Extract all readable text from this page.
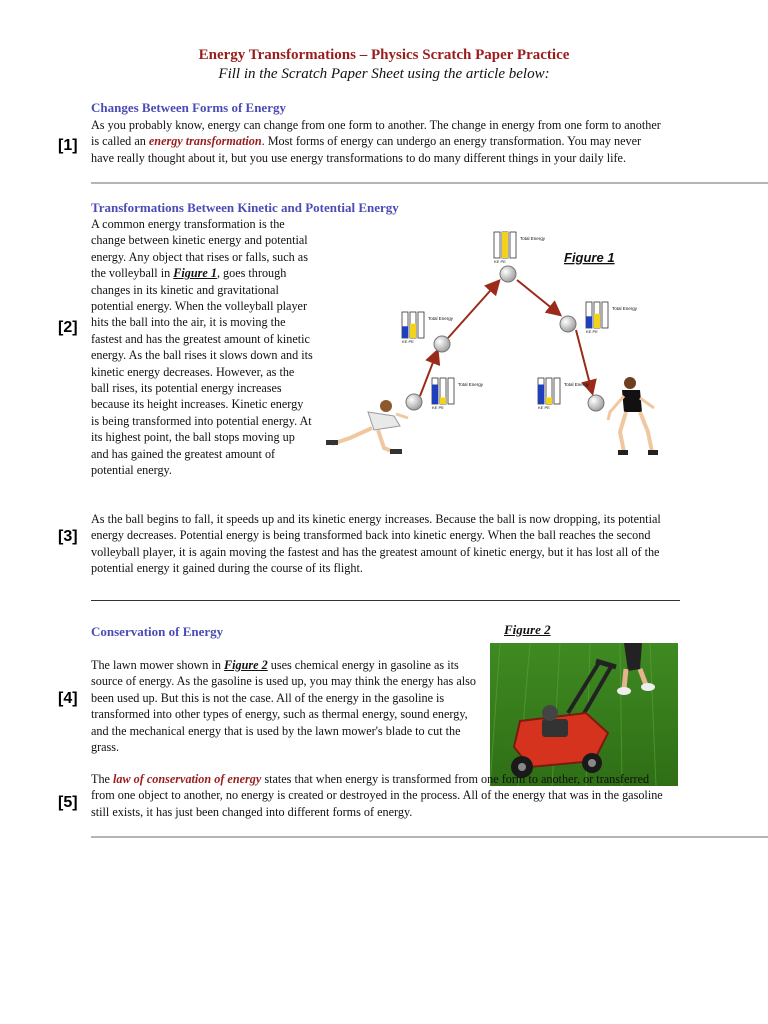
Energy Transformations – Physics Scratch Paper Practice
Fill in the Scratch Paper Sheet using the article below:
Changes Between Forms of Energy
[1]
As you probably know, energy can change from one form to another. The change in energy from one form to another is called an energy transformation. Most forms of energy can undergo an energy transformation. You may never have really thought about it, but you use energy transformations to do many different things in your daily life.
Transformations Between Kinetic and Potential Energy
[2]
A common energy transformation is the change between kinetic energy and potential energy. Any object that rises or falls, such as the volleyball in Figure 1, goes through changes in its kinetic and gravitational potential energy. When the volleyball player hits the ball into the air, it is moving the fastest and has the greatest amount of kinetic energy. As the ball rises it slows down and its kinetic energy decreases. However, as the ball rises, its potential energy increases because its height increases. Kinetic energy is being transformed into potential energy. At its highest point, the ball stops moving up and has gained the greatest amount of potential energy.
Figure 1
Total Energy
KE PE
Total Energy
KE PE
Total Energy
KE PE
Total Energy
KE PE
Total Energy
KE PE
[3]
As the ball begins to fall, it speeds up and its kinetic energy increases. Because the ball is now dropping, its potential energy decreases. Potential energy is being transformed back into kinetic energy. When the ball reaches the second volleyball player, it is again moving the fastest and has the greatest amount of kinetic energy, but it has lost all of the potential energy it gained during the course of its flight.
Conservation of Energy	Figure 2
[4]
The lawn mower shown in Figure 2 uses chemical energy in gasoline as its source of energy. As the gasoline is used up, you may think the energy has also been used up. But this is not the case. All of the energy in the gasoline is transformed into other types of energy, such as thermal energy, sound energy, and the mechanical energy that is used by the lawn mower's blade to cut the grass.
[5]
The law of conservation of energy states that when energy is transformed from one form to another, or transferred from one object to another, no energy is created or destroyed in the process. All of the energy that was in the gasoline still exists, it has just been changed into different forms of energy.
